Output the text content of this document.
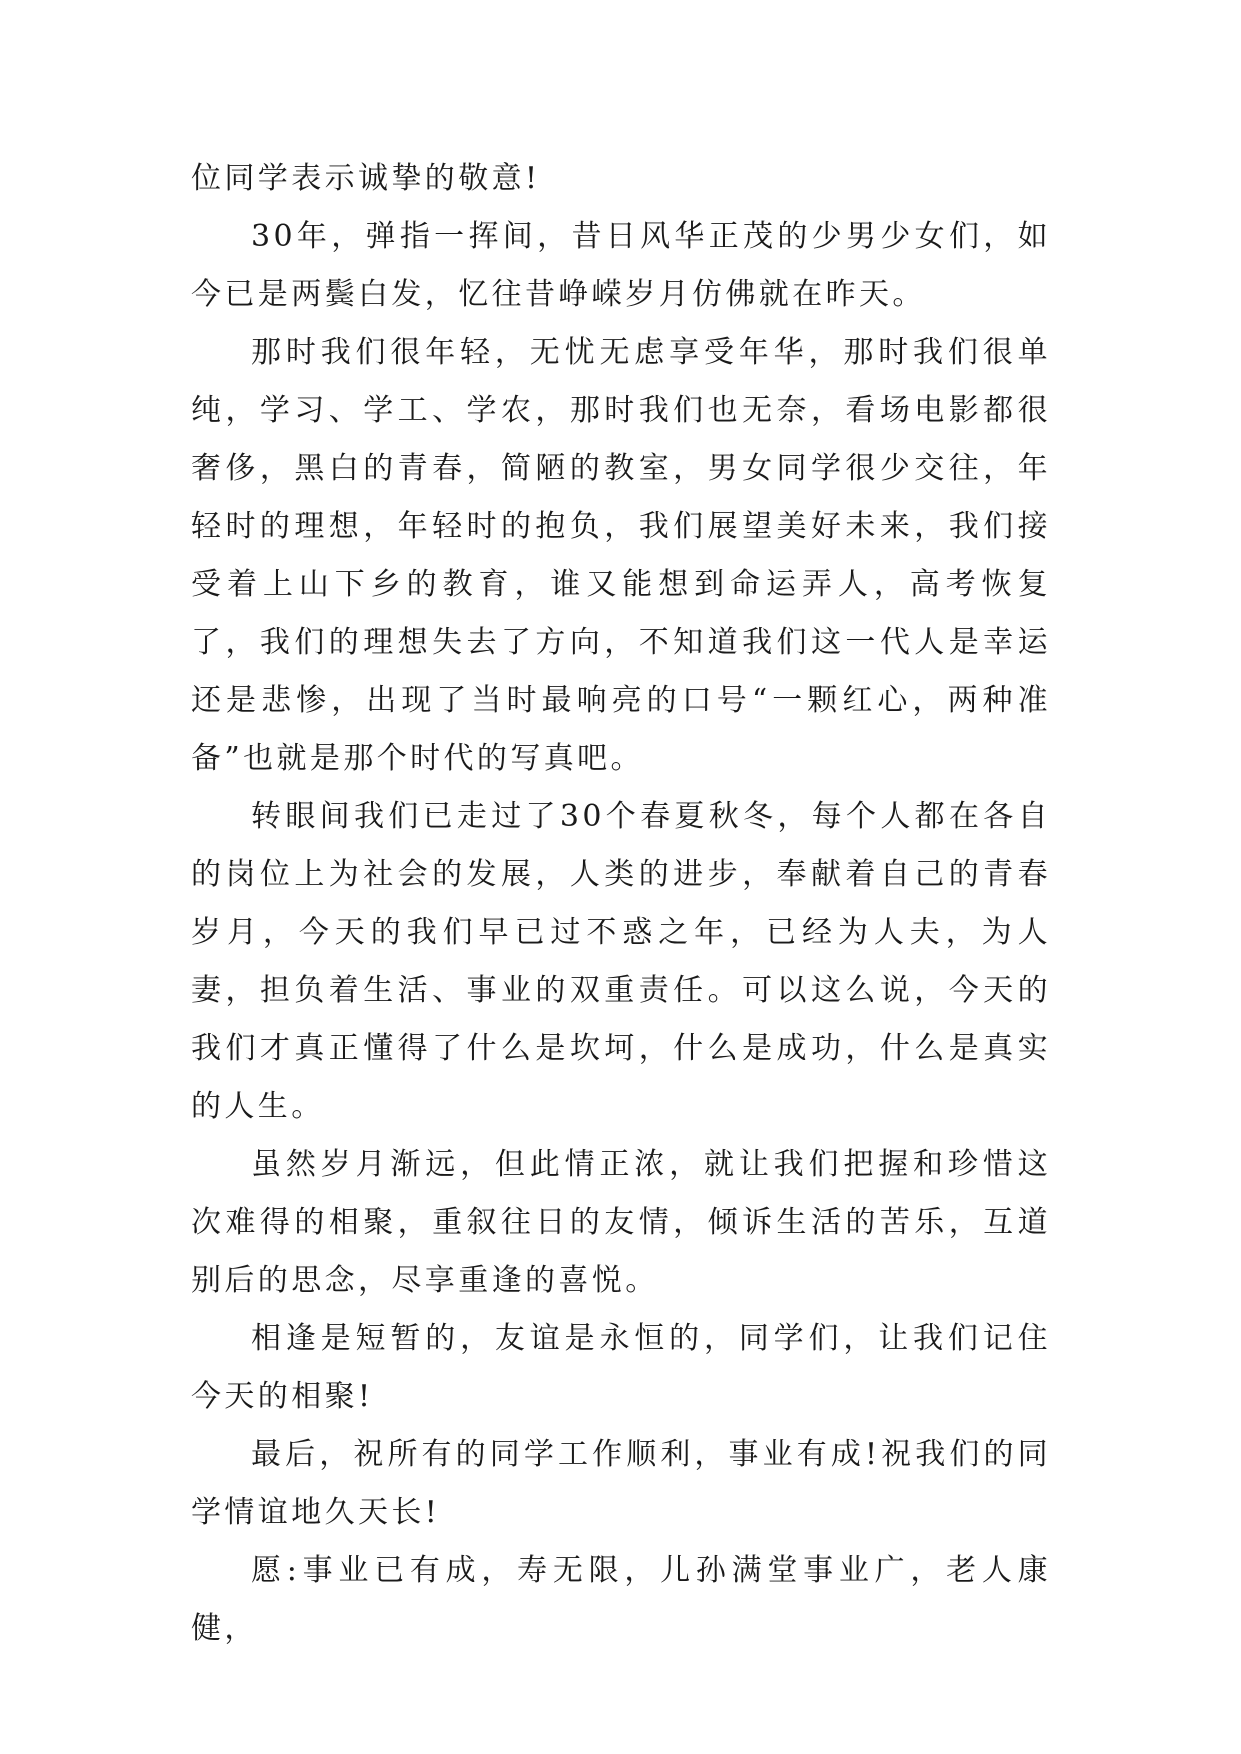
位同学表示诚挚的敬意!

30年，弹指一挥间，昔日风华正茂的少男少女们，如今已是两鬓白发，忆往昔峥嵘岁月仿佛就在昨天。

那时我们很年轻，无忧无虑享受年华，那时我们很单纯，学习、学工、学农，那时我们也无奈，看场电影都很奢侈，黑白的青春，简陋的教室，男女同学很少交往，年轻时的理想，年轻时的抱负，我们展望美好未来，我们接受着上山下乡的教育，谁又能想到命运弄人，高考恢复了，我们的理想失去了方向，不知道我们这一代人是幸运还是悲惨，出现了当时最响亮的口号“一颗红心，两种准备”也就是那个时代的写真吧。

转眼间我们已走过了30个春夏秋冬，每个人都在各自的岗位上为社会的发展，人类的进步，奉献着自己的青春岁月，今天的我们早已过不惑之年，已经为人夫，为人妻，担负着生活、事业的双重责任。可以这么说，今天的我们才真正懂得了什么是坎坷，什么是成功，什么是真实的人生。

虽然岁月渐远，但此情正浓，就让我们把握和珍惜这次难得的相聚，重叙往日的友情，倾诉生活的苦乐，互道别后的思念，尽享重逢的喜悦。

相逢是短暂的，友谊是永恒的，同学们，让我们记住今天的相聚!

最后，祝所有的同学工作顺利，事业有成!祝我们的同学情谊地久天长!

愿:事业已有成，寿无限，儿孙满堂事业广，老人康健，
